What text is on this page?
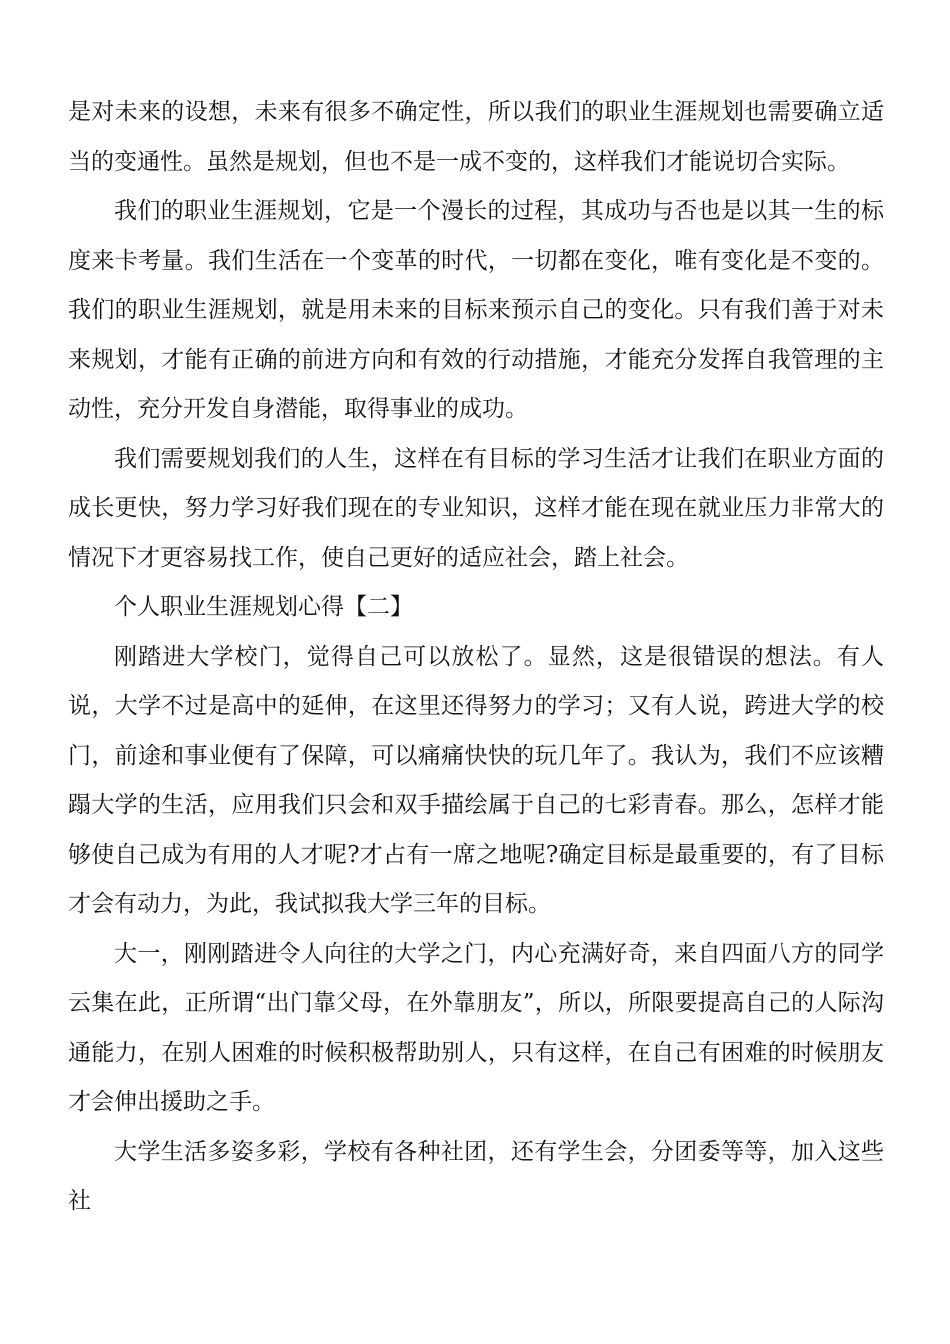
是对未来的设想，未来有很多不确定性，所以我们的职业生涯规划也需要确立适当的变通性。虽然是规划，但也不是一成不变的，这样我们才能说切合实际。

我们的职业生涯规划，它是一个漫长的过程，其成功与否也是以其一生的标度来卡考量。我们生活在一个变革的时代，一切都在变化，唯有变化是不变的。我们的职业生涯规划，就是用未来的目标来预示自己的变化。只有我们善于对未来规划，才能有正确的前进方向和有效的行动措施，才能充分发挥自我管理的主动性，充分开发自身潜能，取得事业的成功。

我们需要规划我们的人生，这样在有目标的学习生活才让我们在职业方面的成长更快，努力学习好我们现在的专业知识，这样才能在现在就业压力非常大的情况下才更容易找工作，使自己更好的适应社会，踏上社会。

个人职业生涯规划心得【二】

刚踏进大学校门，觉得自己可以放松了。显然，这是很错误的想法。有人说，大学不过是高中的延伸，在这里还得努力的学习；又有人说，跨进大学的校门，前途和事业便有了保障，可以痛痛快快的玩几年了。我认为，我们不应该糟蹋大学的生活，应用我们只会和双手描绘属于自己的七彩青春。那么，怎样才能够使自己成为有用的人才呢?才占有一席之地呢?确定目标是最重要的，有了目标才会有动力，为此，我试拟我大学三年的目标。

大一，刚刚踏进令人向往的大学之门，内心充满好奇，来自四面八方的同学云集在此，正所谓“出门靠父母，在外靠朋友”，所以，所限要提高自己的人际沟通能力，在别人困难的时候积极帮助别人，只有这样，在自己有困难的时候朋友才会伸出援助之手。

大学生活多姿多彩，学校有各种社团，还有学生会，分团委等等，加入这些社
